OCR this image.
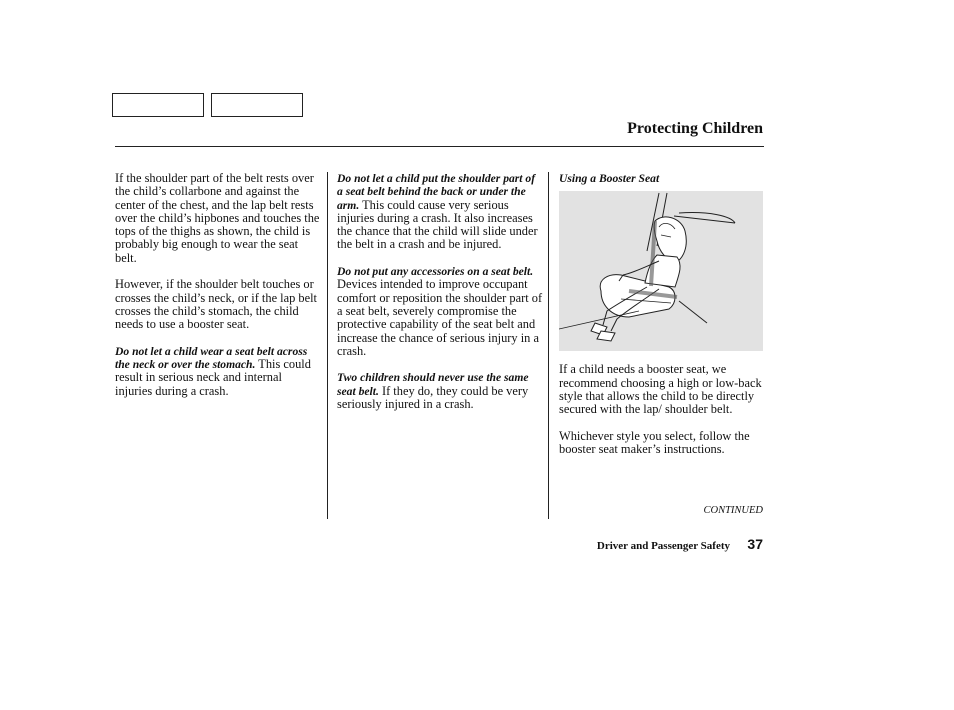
Protecting Children

If the shoulder part of the belt rests over the child’s collarbone and against the center of the chest, and the lap belt rests over the child’s hipbones and touches the tops of the thighs as shown, the child is probably big enough to wear the seat belt.

However, if the shoulder belt touches or crosses the child’s neck, or if the lap belt crosses the child’s stomach, the child needs to use a booster seat.

Do not let a child wear a seat belt across the neck or over the stomach. This could result in serious neck and internal injuries during a crash.

Do not let a child put the shoulder part of a seat belt behind the back or under the arm. This could cause very serious injuries during a crash. It also increases the chance that the child will slide under the belt in a crash and be injured.

Do not put any accessories on a seat belt. Devices intended to improve occupant comfort or reposition the shoulder part of a seat belt, severely compromise the protective capability of the seat belt and increase the chance of serious injury in a crash.

Two children should never use the same seat belt. If they do, they could be very seriously injured in a crash.

Using a Booster Seat

If a child needs a booster seat, we recommend choosing a high or low-back style that allows the child to be directly secured with the lap/ shoulder belt.

Whichever style you select, follow the booster seat maker’s instructions.

CONTINUED
Driver and Passenger Safety 37
